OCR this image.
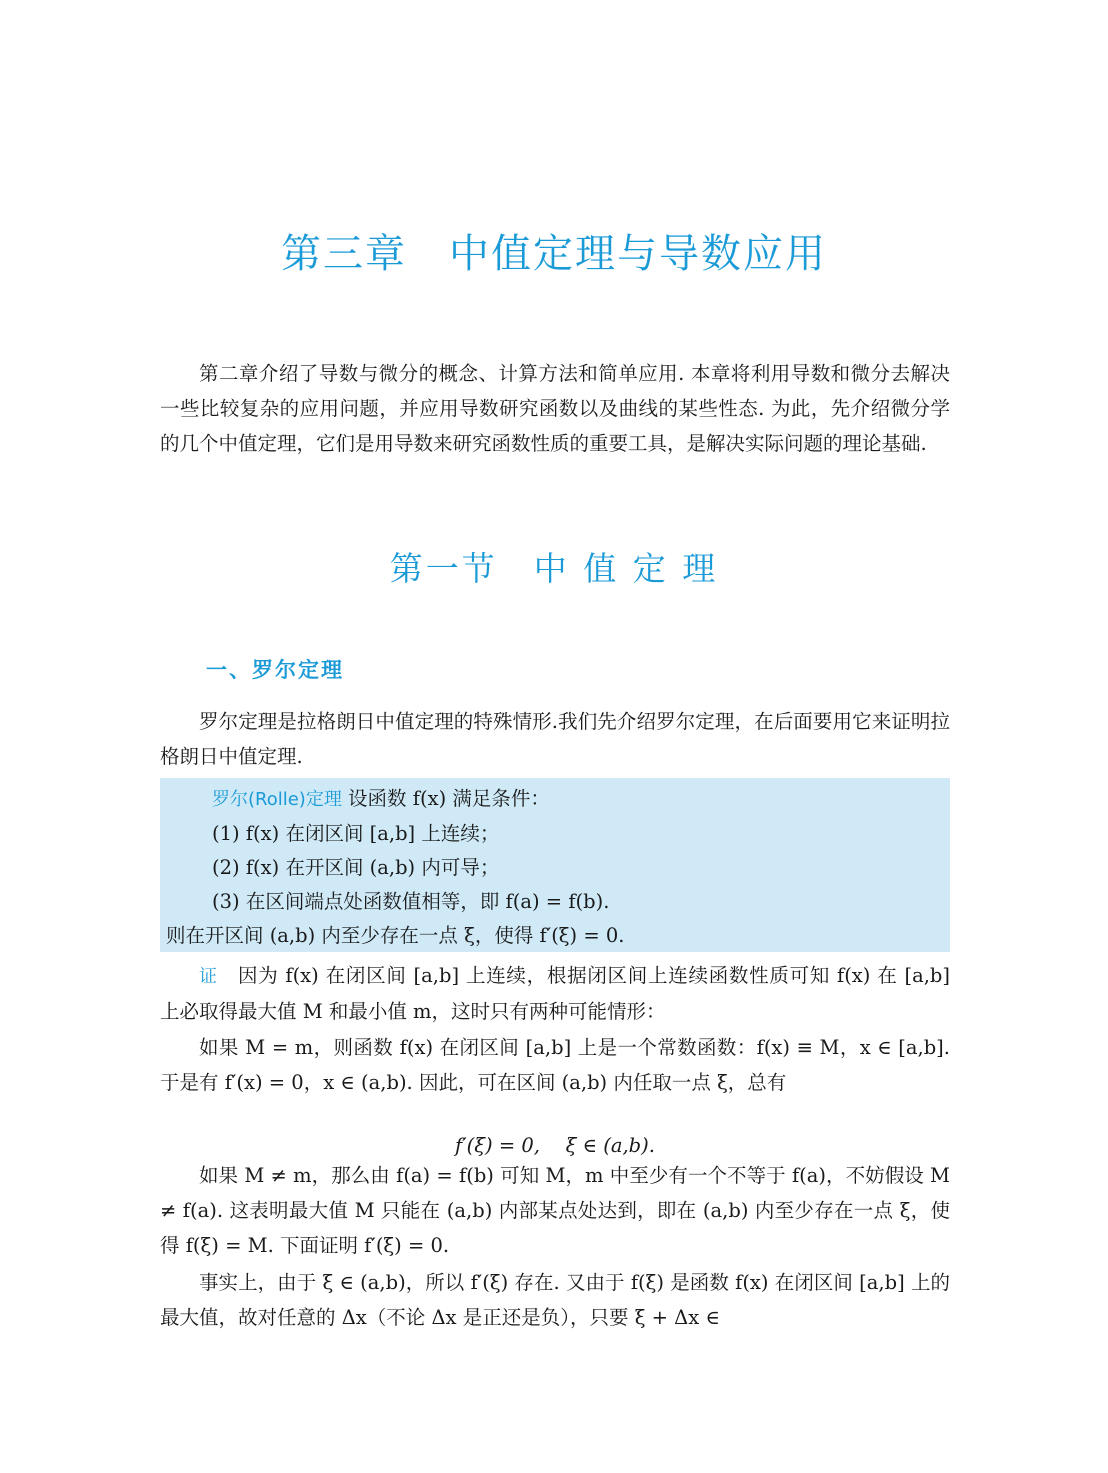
第三章　中值定理与导数应用

第二章介绍了导数与微分的概念、计算方法和简单应用. 本章将利用导数和微分去解决一些比较复杂的应用问题，并应用导数研究函数以及曲线的某些性态. 为此，先介绍微分学的几个中值定理，它们是用导数来研究函数性质的重要工具，是解决实际问题的理论基础.

第一节　中 值 定 理
一、罗尔定理

罗尔定理是拉格朗日中值定理的特殊情形.我们先介绍罗尔定理，在后面要用它来证明拉格朗日中值定理.

罗尔(Rolle)定理 设函数 f(x) 满足条件：

(1) f(x) 在闭区间 [a,b] 上连续；

(2) f(x) 在开区间 (a,b) 内可导；

(3) 在区间端点处函数值相等，即 f(a) = f(b).

则在开区间 (a,b) 内至少存在一点 ξ，使得 f′(ξ) = 0.

证　 因为 f(x) 在闭区间 [a,b] 上连续，根据闭区间上连续函数性质可知 f(x) 在 [a,b] 上必取得最大值 M 和最小值 m，这时只有两种可能情形：

如果 M = m，则函数 f(x) 在闭区间 [a,b] 上是一个常数函数：f(x) ≡ M，x ∈ [a,b]. 于是有 f′(x) = 0，x ∈ (a,b). 因此，可在区间 (a,b) 内任取一点 ξ，总有

f′(ξ) = 0,　 ξ ∈ (a,b).

如果 M ≠ m，那么由 f(a) = f(b) 可知 M，m 中至少有一个不等于 f(a)，不妨假设 M ≠ f(a). 这表明最大值 M 只能在 (a,b) 内部某点处达到，即在 (a,b) 内至少存在一点 ξ，使得 f(ξ) = M. 下面证明 f′(ξ) = 0.

事实上，由于 ξ ∈ (a,b)，所以 f′(ξ) 存在. 又由于 f(ξ) 是函数 f(x) 在闭区间 [a,b] 上的最大值，故对任意的 Δx（不论 Δx 是正还是负），只要 ξ + Δx ∈
